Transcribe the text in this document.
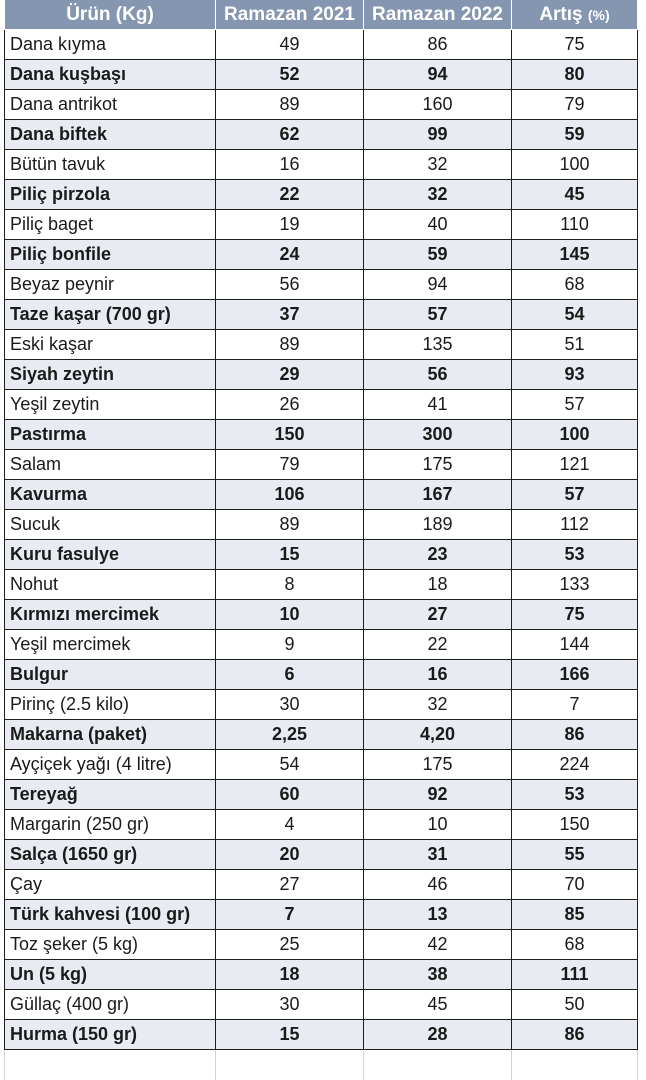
Ürün (Kg)	Ramazan 2021	Ramazan 2022	Artış (%)
Dana kıyma	49	86	75
Dana kuşbaşı	52	94	80
Dana antrikot	89	160	79
Dana biftek	62	99	59
Bütün tavuk	16	32	100
Piliç pirzola	22	32	45
Piliç baget	19	40	110
Piliç bonfile	24	59	145
Beyaz peynir	56	94	68
Taze kaşar (700 gr)	37	57	54
Eski kaşar	89	135	51
Siyah zeytin	29	56	93
Yeşil zeytin	26	41	57
Pastırma	150	300	100
Salam	79	175	121
Kavurma	106	167	57
Sucuk	89	189	112
Kuru fasulye	15	23	53
Nohut	8	18	133
Kırmızı mercimek	10	27	75
Yeşil mercimek	9	22	144
Bulgur	6	16	166
Pirinç (2.5 kilo)	30	32	7
Makarna (paket)	2,25	4,20	86
Ayçiçek yağı (4 litre)	54	175	224
Tereyağ	60	92	53
Margarin (250 gr)	4	10	150
Salça (1650 gr)	20	31	55
Çay	27	46	70
Türk kahvesi (100 gr)	7	13	85
Toz şeker (5 kg)	25	42	68
Un (5 kg)	18	38	111
Güllaç (400 gr)	30	45	50
Hurma (150 gr)	15	28	86
